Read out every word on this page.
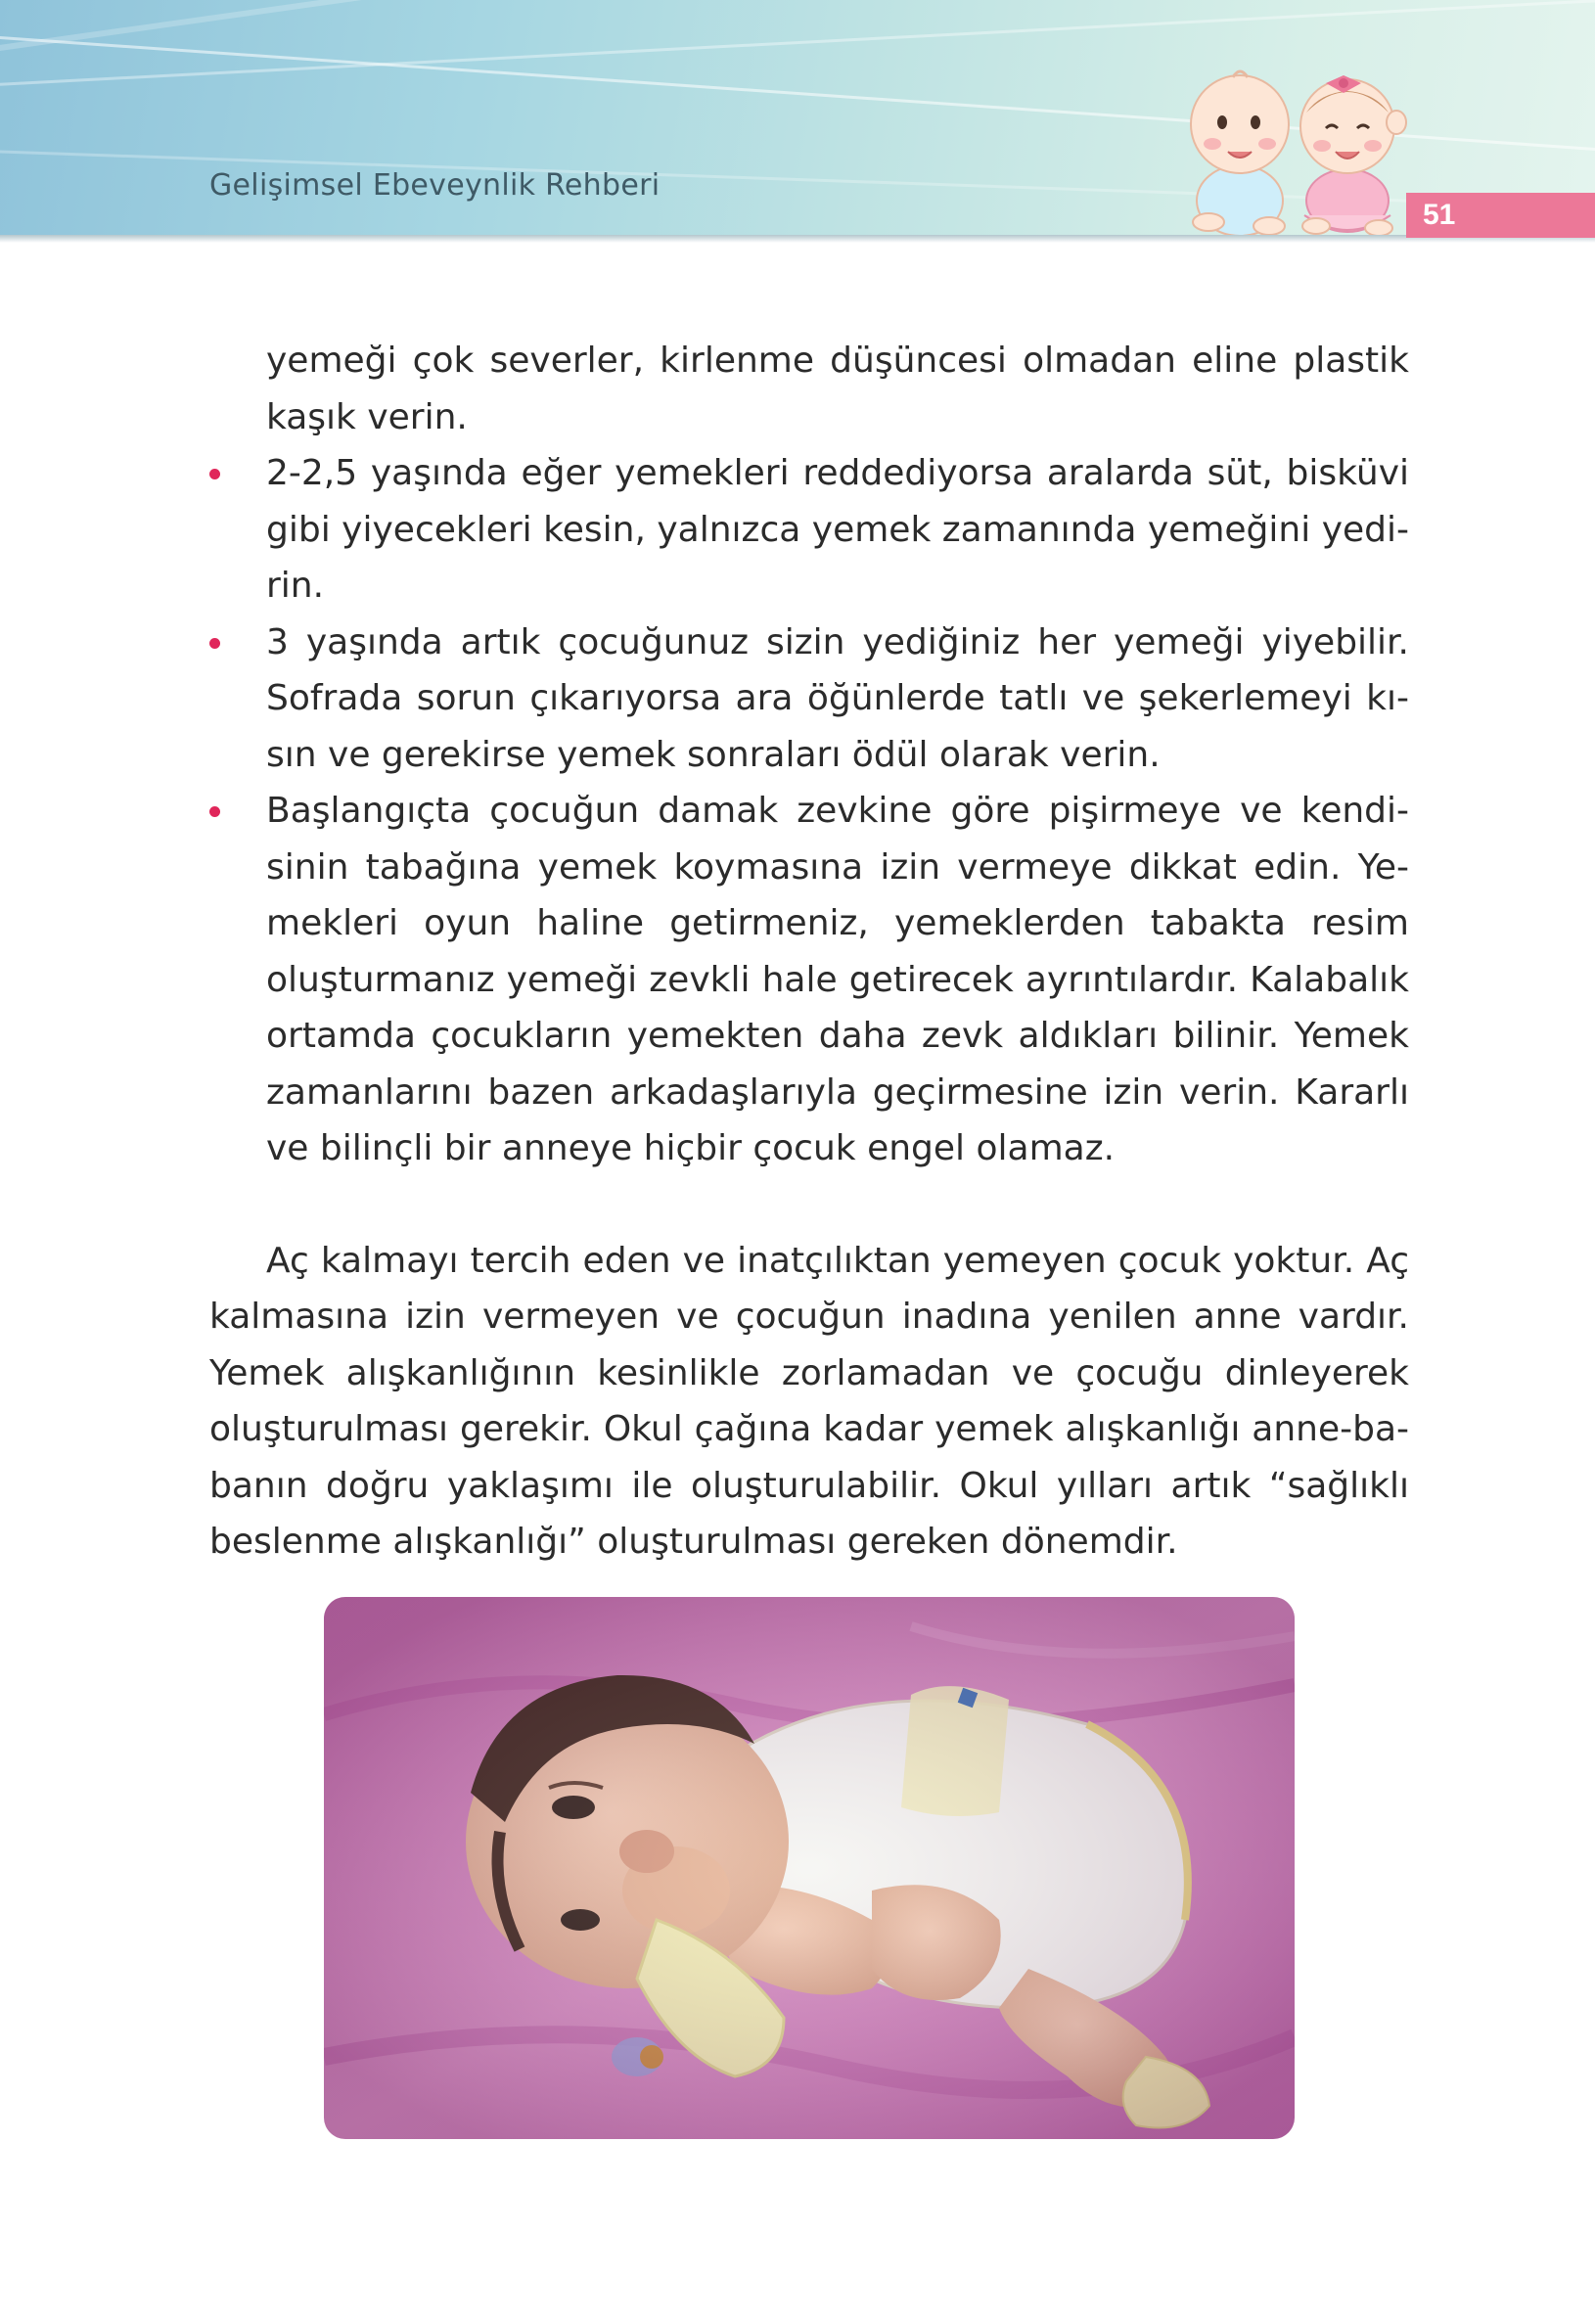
Gelişimsel Ebeveynlik Rehberi
51
yemeği çok severler, kirlenme düşüncesi olmadan eline plastik
kaşık verin.
2-2,5 yaşında eğer yemekleri reddediyorsa aralarda süt, bisküvi
gibi yiyecekleri kesin, yalnızca yemek zamanında yemeğini yedi-
rin.
3 yaşında artık çocuğunuz sizin yediğiniz her yemeği yiyebilir.
Sofrada sorun çıkarıyorsa ara öğünlerde tatlı ve şekerlemeyi kı-
sın ve gerekirse yemek sonraları ödül olarak verin.
Başlangıçta çocuğun damak zevkine göre pişirmeye ve kendi-
sinin tabağına yemek koymasına izin vermeye dikkat edin. Ye-
mekleri oyun haline getirmeniz, yemeklerden tabakta resim
oluşturmanız yemeği zevkli hale getirecek ayrıntılardır. Kalabalık
ortamda çocukların yemekten daha zevk aldıkları bilinir. Yemek
zamanlarını bazen arkadaşlarıyla geçirmesine izin verin. Kararlı
ve bilinçli bir anneye hiçbir çocuk engel olamaz.
Aç kalmayı tercih eden ve inatçılıktan yemeyen çocuk yoktur. Aç
kalmasına izin vermeyen ve çocuğun inadına yenilen anne vardır.
Yemek alışkanlığının kesinlikle zorlamadan ve çocuğu dinleyerek
oluşturulması gerekir. Okul çağına kadar yemek alışkanlığı anne-ba-
banın doğru yaklaşımı ile oluşturulabilir. Okul yılları artık “sağlıklı
beslenme alışkanlığı” oluşturulması gereken dönemdir.
